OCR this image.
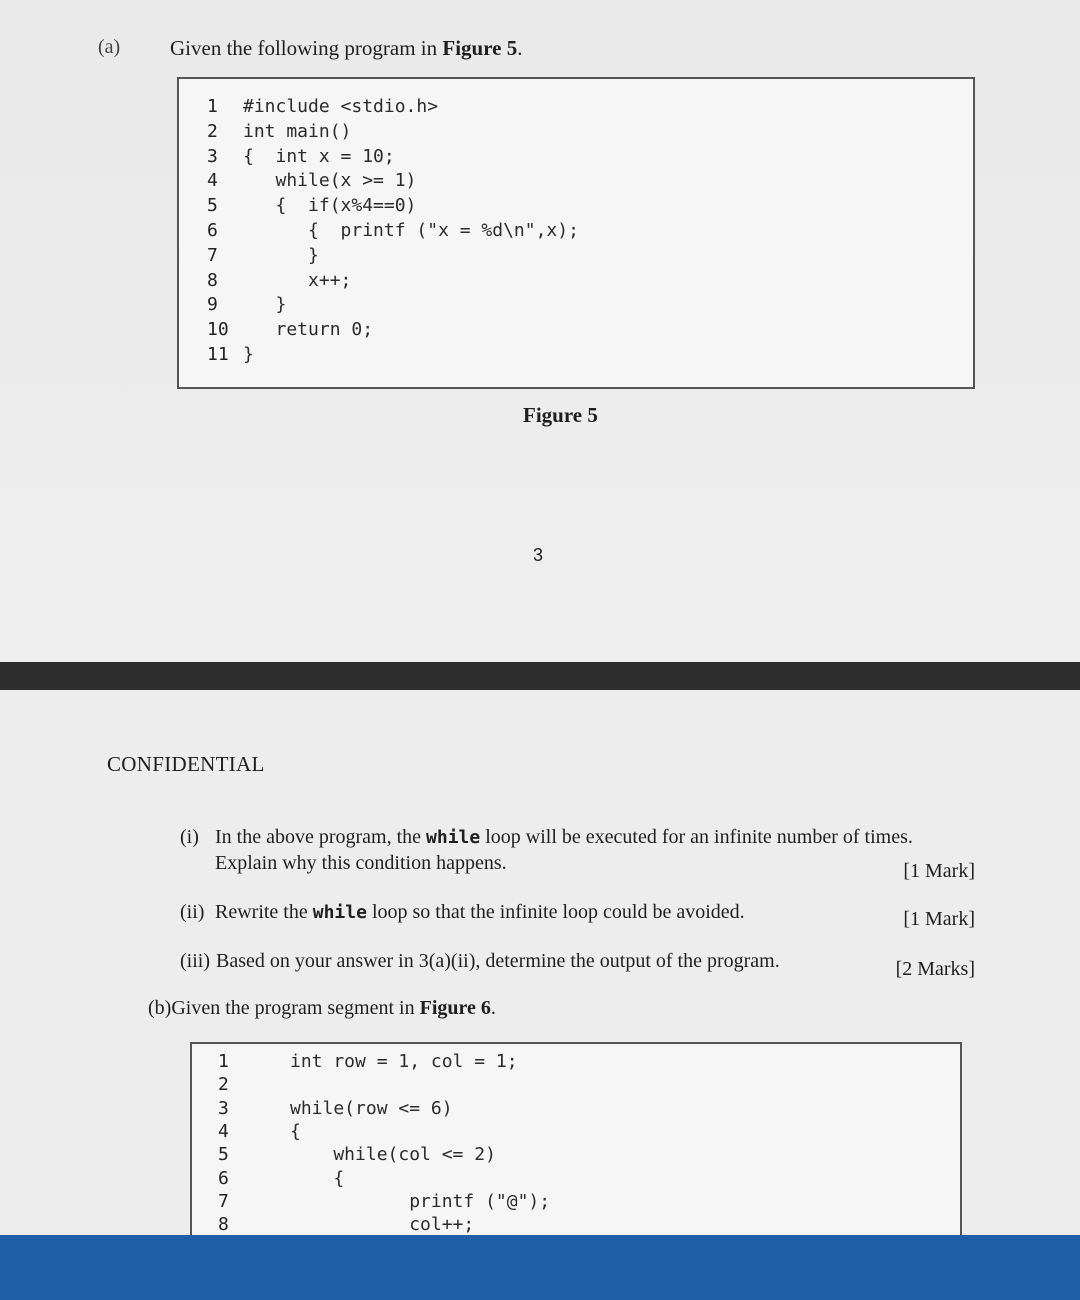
(a) Given the following program in Figure 5.
1 #include <stdio.h>
2 int main()
3 {  int x = 10;
4   while(x >= 1)
5   {  if(x%4==0)
6      {  printf ("x = %d\n",x);
7      }
8      x++;
9   }
10   return 0;
11 }
Figure 5
3
CONFIDENTIAL
(i) In the above program, the while loop will be executed for an infinite number of times.
Explain why this condition happens.	[1 Mark]
(ii) Rewrite the while loop so that the infinite loop could be avoided.	[1 Mark]
(iii) Based on your answer in 3(a)(ii), determine the output of the program.	[2 Marks]
(b)Given the program segment in Figure 6.
1	int row = 1, col = 1;
2
3	while(row <= 6)
4	{
5	while(col <= 2)
6	{
7	printf ("@");
8	col++;
